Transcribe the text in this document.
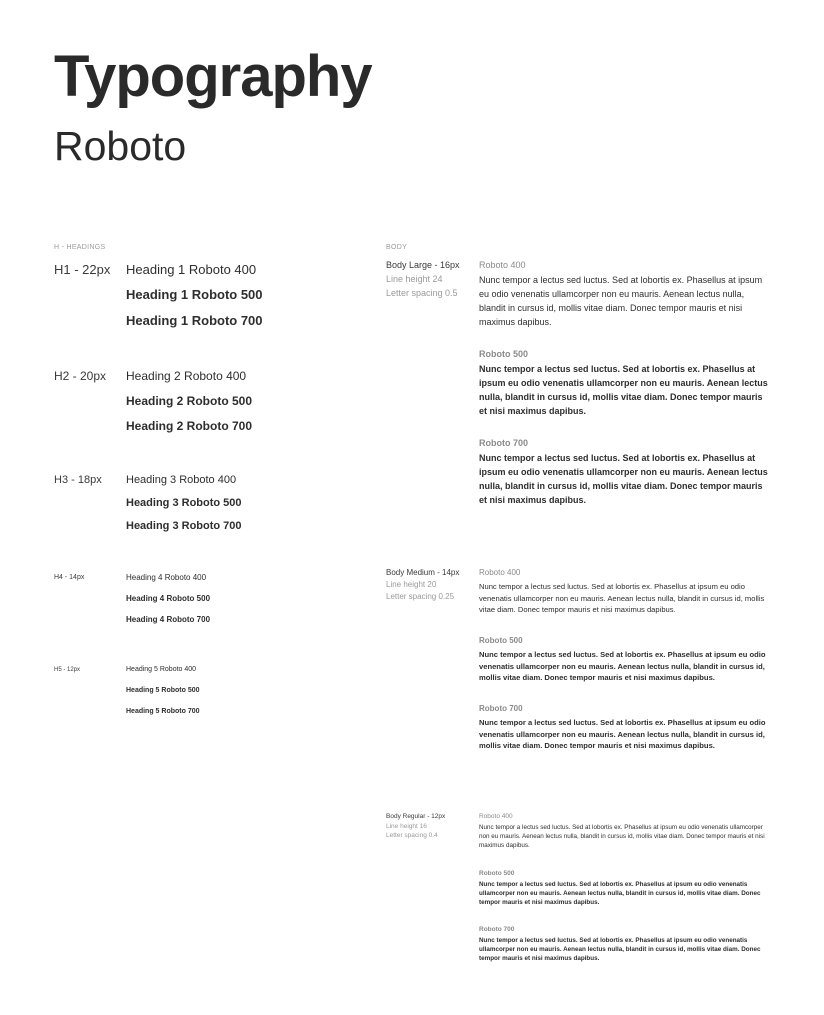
Typography
Roboto
H - HEADINGS
H1 - 22px Heading 1 Roboto 400
Heading 1 Roboto 500
Heading 1 Roboto 700
H2 - 20px Heading 2 Roboto 400
Heading 2 Roboto 500
Heading 2 Roboto 700
H3 - 18px Heading 3 Roboto 400
Heading 3 Roboto 500
Heading 3 Roboto 700
H4 - 14px	Heading 4 Roboto 400
Heading 4 Roboto 500
Heading 4 Roboto 700
H5 - 12px	Heading 5 Roboto 400
Heading 5 Roboto 500
Heading 5 Roboto 700
BODY
Body Large - 16px
Line height 24
Letter spacing 0.5
Roboto 400
Nunc tempor a lectus sed luctus. Sed at lobortis ex. Phasellus at ipsum eu odio venenatis ullamcorper non eu mauris. Aenean lectus nulla, blandit in cursus id, mollis vitae diam. Donec tempor mauris et nisi maximus dapibus.
Roboto 500
Nunc tempor a lectus sed luctus. Sed at lobortis ex. Phasellus at ipsum eu odio venenatis ullamcorper non eu mauris. Aenean lectus nulla, blandit in cursus id, mollis vitae diam. Donec tempor mauris et nisi maximus dapibus.
Roboto 700
Nunc tempor a lectus sed luctus. Sed at lobortis ex. Phasellus at ipsum eu odio venenatis ullamcorper non eu mauris. Aenean lectus nulla, blandit in cursus id, mollis vitae diam. Donec tempor mauris et nisi maximus dapibus.
Body Medium - 14px
Line height 20
Letter spacing 0.25
Roboto 400
Nunc tempor a lectus sed luctus. Sed at lobortis ex. Phasellus at ipsum eu odio venenatis ullamcorper non eu mauris. Aenean lectus nulla, blandit in cursus id, mollis vitae diam. Donec tempor mauris et nisi maximus dapibus.
Roboto 500
Nunc tempor a lectus sed luctus. Sed at lobortis ex. Phasellus at ipsum eu odio venenatis ullamcorper non eu mauris. Aenean lectus nulla, blandit in cursus id, mollis vitae diam. Donec tempor mauris et nisi maximus dapibus.
Roboto 700
Nunc tempor a lectus sed luctus. Sed at lobortis ex. Phasellus at ipsum eu odio venenatis ullamcorper non eu mauris. Aenean lectus nulla, blandit in cursus id, mollis vitae diam. Donec tempor mauris et nisi maximus dapibus.
Body Regular - 12px
Line height 16
Letter spacing 0.4
Roboto 400
Nunc tempor a lectus sed luctus. Sed at lobortis ex. Phasellus at ipsum eu odio venenatis ullamcorper non eu mauris. Aenean lectus nulla, blandit in cursus id, mollis vitae diam. Donec tempor mauris et nisi maximus dapibus.
Roboto 500
Nunc tempor a lectus sed luctus. Sed at lobortis ex. Phasellus at ipsum eu odio venenatis ullamcorper non eu mauris. Aenean lectus nulla, blandit in cursus id, mollis vitae diam. Donec tempor mauris et nisi maximus dapibus.
Roboto 700
Nunc tempor a lectus sed luctus. Sed at lobortis ex. Phasellus at ipsum eu odio venenatis ullamcorper non eu mauris. Aenean lectus nulla, blandit in cursus id, mollis vitae diam. Donec tempor mauris et nisi maximus dapibus.
